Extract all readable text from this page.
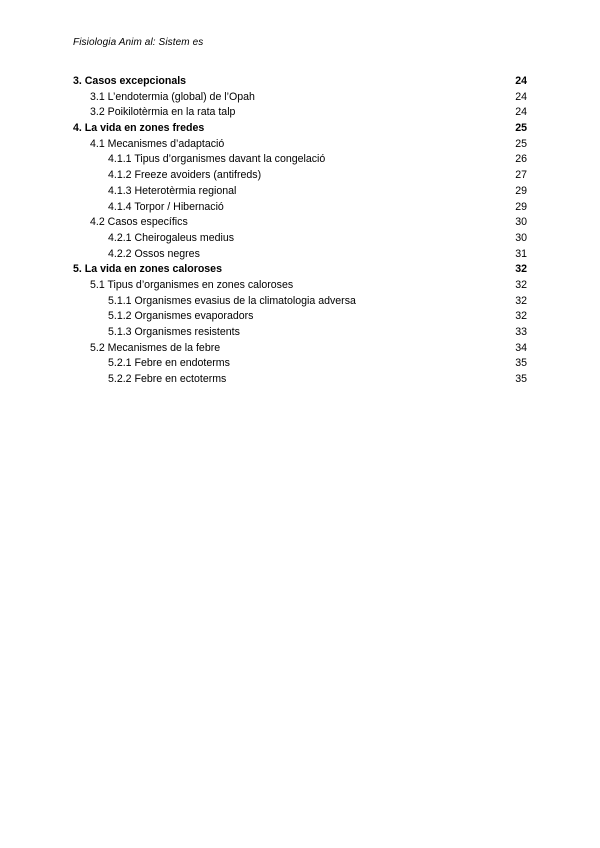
Fisiologia Anim al: Sistem es
3. Casos excepcionals	24
3.1 L’endotermia (global) de l’Opah	24
3.2 Poikilotèrmia en la rata talp	24
4. La vida en zones fredes	25
4.1 Mecanismes d’adaptació	25
4.1.1 Tipus d’organismes davant la congelació	26
4.1.2 Freeze avoiders (antifreds)	27
4.1.3 Heterotèrmia regional	29
4.1.4 Torpor / Hibernació	29
4.2 Casos específics	30
4.2.1 Cheirogaleus medius	30
4.2.2 Ossos negres	31
5. La vida en zones caloroses	32
5.1 Tipus d’organismes en zones caloroses	32
5.1.1 Organismes evasius de la climatologia adversa	32
5.1.2 Organismes evaporadors	32
5.1.3 Organismes resistents	33
5.2 Mecanismes de la febre	34
5.2.1 Febre en endoterms	35
5.2.2 Febre en ectoterms	35
